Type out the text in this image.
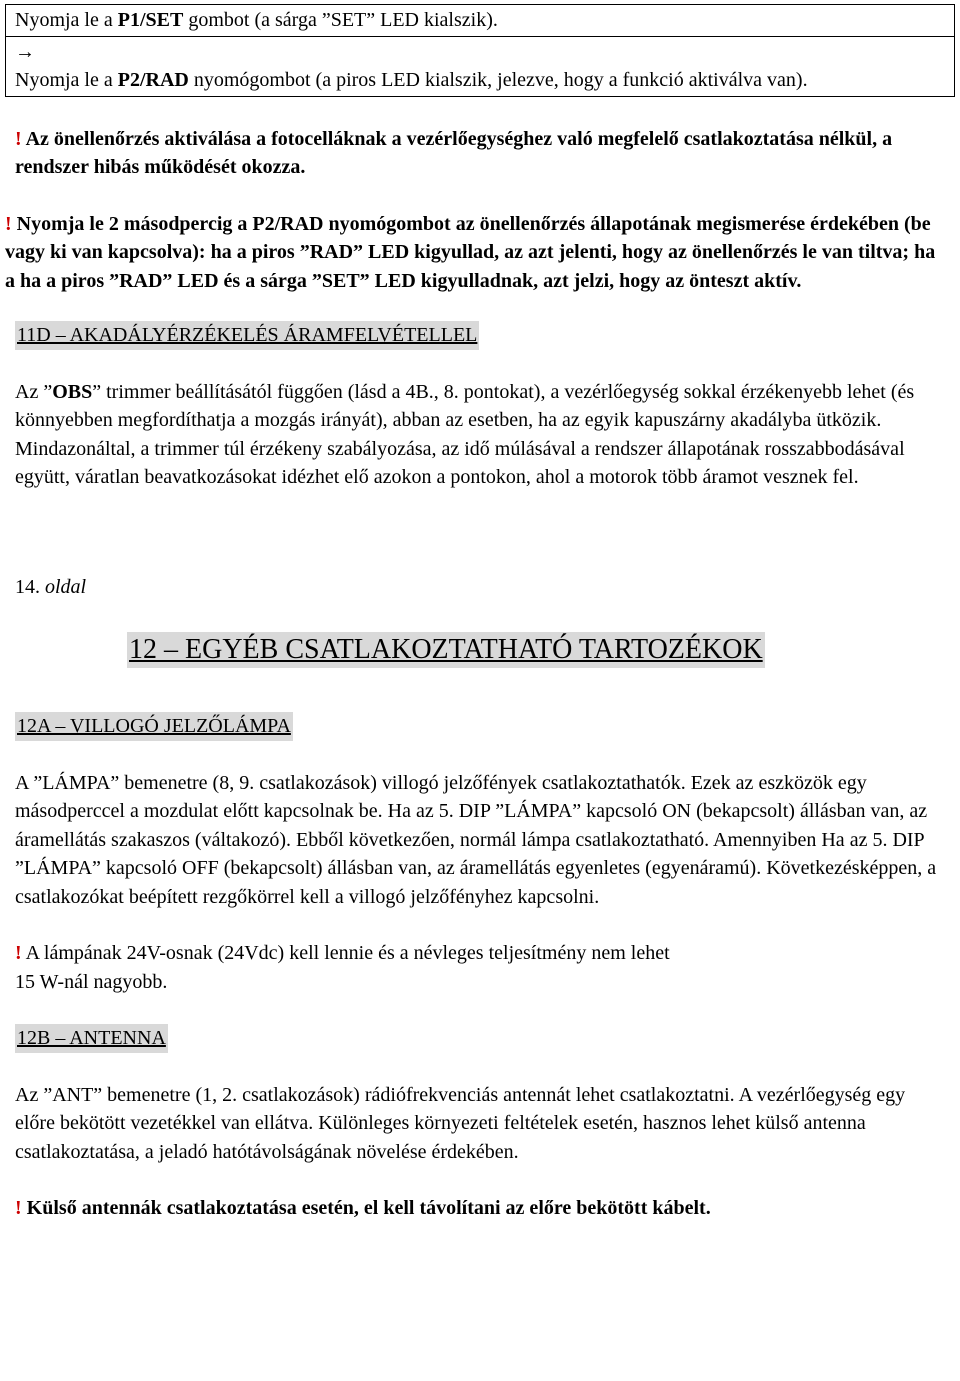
Nyomja le a P1/SET gombot (a sárga ”SET” LED kialszik).
→
Nyomja le a P2/RAD nyomógombot (a piros LED kialszik, jelezve, hogy a funkció aktiválva van).

! Az önellenőrzés aktiválása a fotocelláknak a vezérlőegységhez való megfelelő csatlakoztatása nélkül, a rendszer hibás működését okozza.

! Nyomja le 2 másodpercig a P2/RAD nyomógombot az önellenőrzés állapotának megismerése érdekében (be vagy ki van kapcsolva): ha a piros ”RAD” LED kigyullad, az azt jelenti, hogy az önellenőrzés le van tiltva; ha a ha a piros ”RAD” LED és a sárga ”SET” LED kigyulladnak, azt jelzi, hogy az önteszt aktív.

11D – AKADÁLYÉRZÉKELÉS ÁRAMFELVÉTELLEL

Az ”OBS” trimmer beállításától függően (lásd a 4B., 8. pontokat), a vezérlőegység sokkal érzékenyebb lehet (és könnyebben megfordíthatja a mozgás irányát), abban az esetben, ha az egyik kapuszárny akadályba ütközik. Mindazonáltal, a trimmer túl érzékeny szabályozása, az idő múlásával a rendszer állapotának rosszabbodásával együtt, váratlan beavatkozásokat idézhet elő azokon a pontokon, ahol a motorok több áramot vesznek fel.

14. oldal

12 – EGYÉB CSATLAKOZTATHATÓ TARTOZÉKOK

12A – VILLOGÓ JELZŐLÁMPA

A ”LÁMPA” bemenetre (8, 9. csatlakozások) villogó jelzőfények csatlakoztathatók. Ezek az eszközök egy másodperccel a mozdulat előtt kapcsolnak be. Ha az 5. DIP ”LÁMPA” kapcsoló ON (bekapcsolt) állásban van, az áramellátás szakaszos (váltakozó). Ebből következően, normál lámpa csatlakoztatható. Amennyiben Ha az 5. DIP ”LÁMPA” kapcsoló OFF (bekapcsolt) állásban van, az áramellátás egyenletes (egyenáramú). Következésképpen, a csatlakozókat beépített rezgőkörrel kell a villogó jelzőfényhez kapcsolni.

! A lámpának 24V-osnak (24Vdc) kell lennie és a névleges teljesítmény nem lehet
15 W-nál nagyobb.

12B – ANTENNA

Az ”ANT” bemenetre (1, 2. csatlakozások) rádiófrekvenciás antennát lehet csatlakoztatni. A vezérlőegység egy előre bekötött vezetékkel van ellátva. Különleges környezeti feltételek esetén, hasznos lehet külső antenna csatlakoztatása, a jeladó hatótávolságának növelése érdekében.

! Külső antennák csatlakoztatása esetén, el kell távolítani az előre bekötött kábelt.
